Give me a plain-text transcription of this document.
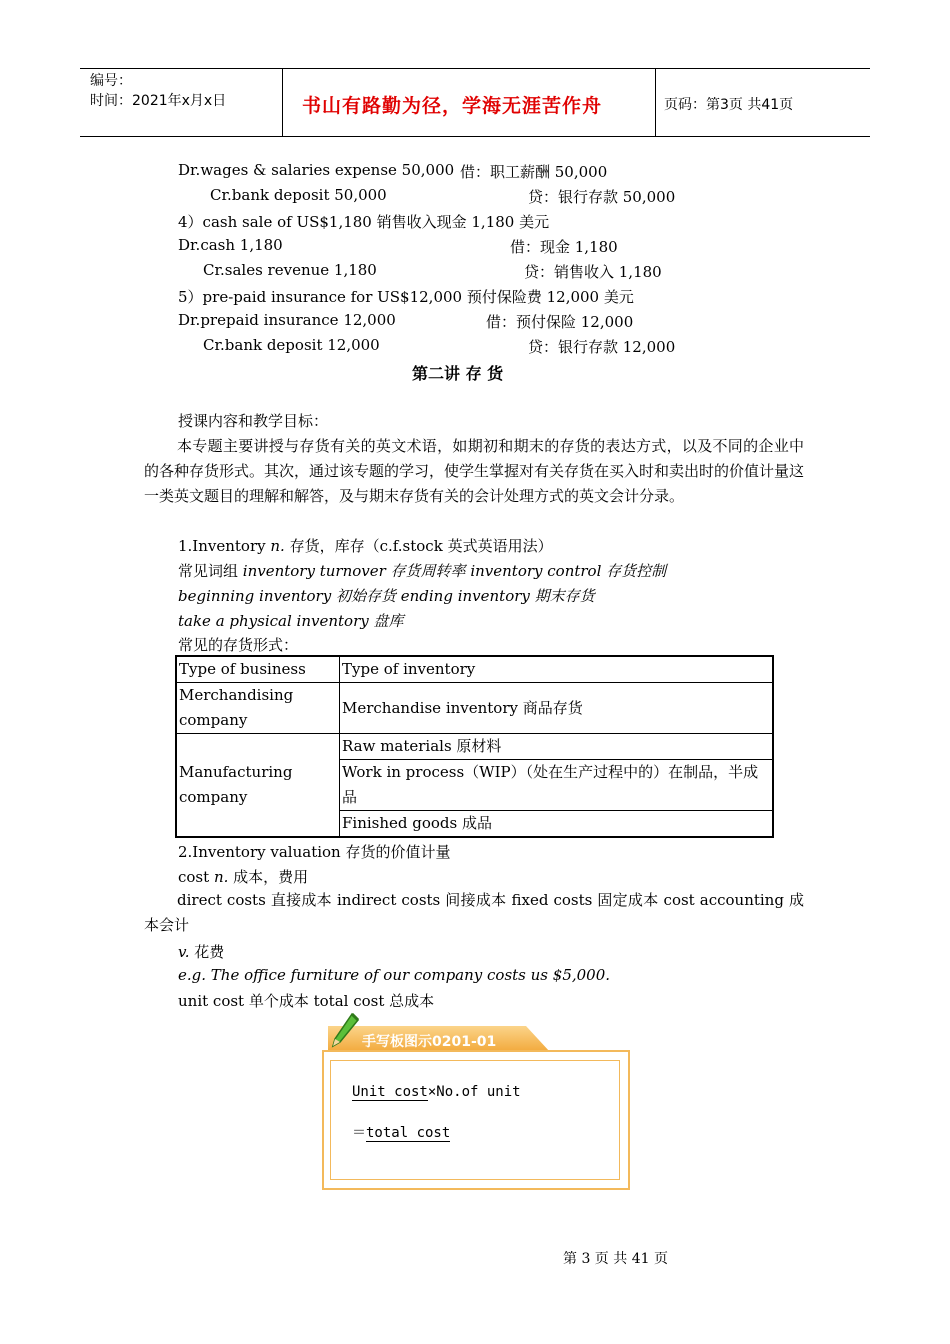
编号：
时间：2021年x月x日	书山有路勤为径，学海无涯苦作舟	页码：第3页 共41页
Dr.wages & salaries expense 50,000 借：职工薪酬 50,000
Cr.bank deposit 50,000	贷：银行存款 50,000
4）cash sale of US$1,180 销售收入现金 1,180 美元
Dr.cash 1,180	借：现金 1,180
Cr.sales revenue 1,180	贷：销售收入 1,180
5）pre-paid insurance for US$12,000 预付保险费 12,000 美元
Dr.prepaid insurance 12,000	借：预付保险 12,000
Cr.bank deposit 12,000	贷：银行存款 12,000
第二讲 存 货
授课内容和教学目标：
本专题主要讲授与存货有关的英文术语，如期初和期末的存货的表达方式，以及不同的企业中的各种存货形式。其次，通过该专题的学习，使学生掌握对有关存货在买入时和卖出时的价值计量这一类英文题目的理解和解答，及与期末存货有关的会计处理方式的英文会计分录。
1.Inventory n. 存货，库存（c.f.stock 英式英语用法）
常见词组 inventory turnover 存货周转率 inventory control 存货控制
beginning inventory 初始存货 ending inventory 期末存货
take a physical inventory 盘库
常见的存货形式：
Type of business	Type of inventory
Merchandising company	Merchandise inventory 商品存货
Manufacturing company	Raw materials 原材料
	Work in process（WIP）（处在生产过程中的）在制品，半成品
	Finished goods 成品
2.Inventory valuation 存货的价值计量
cost n. 成本，费用
direct costs 直接成本 indirect costs 间接成本 fixed costs 固定成本 cost accounting 成本会计
v. 花费
e.g. The office furniture of our company costs us $5,000.
unit cost 单个成本 total cost 总成本
手写板图示0201-01
Unit cost×No.of unit
＝total cost
第 3 页 共 41 页
